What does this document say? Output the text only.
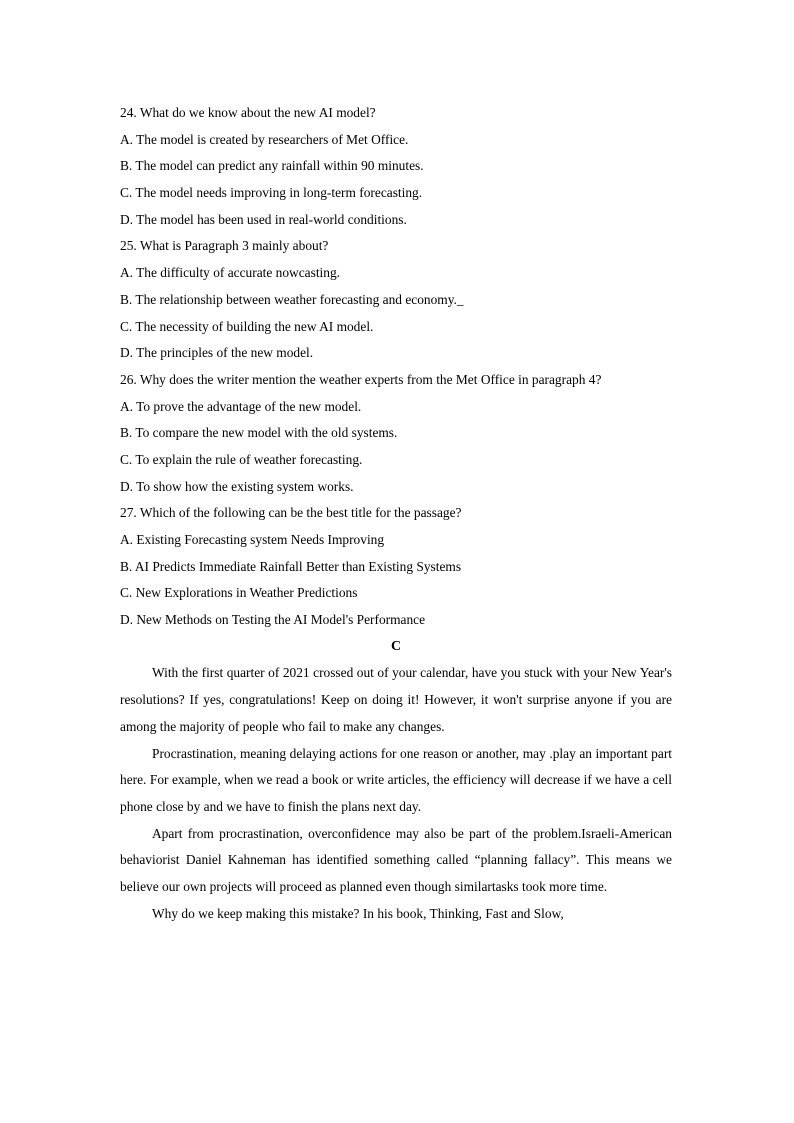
24. What do we know about the new AI model?
A. The model is created by researchers of Met Office.
B. The model can predict any rainfall within 90 minutes.
C. The model needs improving in long-term forecasting.
D. The model has been used in real-world conditions.
25. What is Paragraph 3 mainly about?
A. The difficulty of accurate nowcasting.
B. The relationship between weather forecasting and economy._
C. The necessity of building the new AI model.
D. The principles of the new model.
26. Why does the writer mention the weather experts from the Met Office in paragraph 4?
A. To prove the advantage of the new model.
B. To compare the new model with the old systems.
C. To explain the rule of weather forecasting.
D. To show how the existing system works.
27. Which of the following can be the best title for the passage?
A. Existing Forecasting system Needs Improving
B. AI Predicts Immediate Rainfall Better than Existing Systems
C. New Explorations in Weather Predictions
D. New Methods on Testing the AI Model's Performance
C

With the first quarter of 2021 crossed out of your calendar, have you stuck with your New Year's resolutions? If yes, congratulations! Keep on doing it! However, it won't surprise anyone if you are among the majority of people who fail to make any changes.

Procrastination, meaning delaying actions for one reason or another, may .play an important part here. For example, when we read a book or write articles, the efficiency will decrease if we have a cell phone close by and we have to finish the plans next day.

Apart from procrastination, overconfidence may also be part of the problem.Israeli-American behaviorist Daniel Kahneman has identified something called “planning fallacy”. This means we believe our own projects will proceed as planned even though similartasks took more time.

Why do we keep making this mistake? In his book, Thinking, Fast and Slow,
